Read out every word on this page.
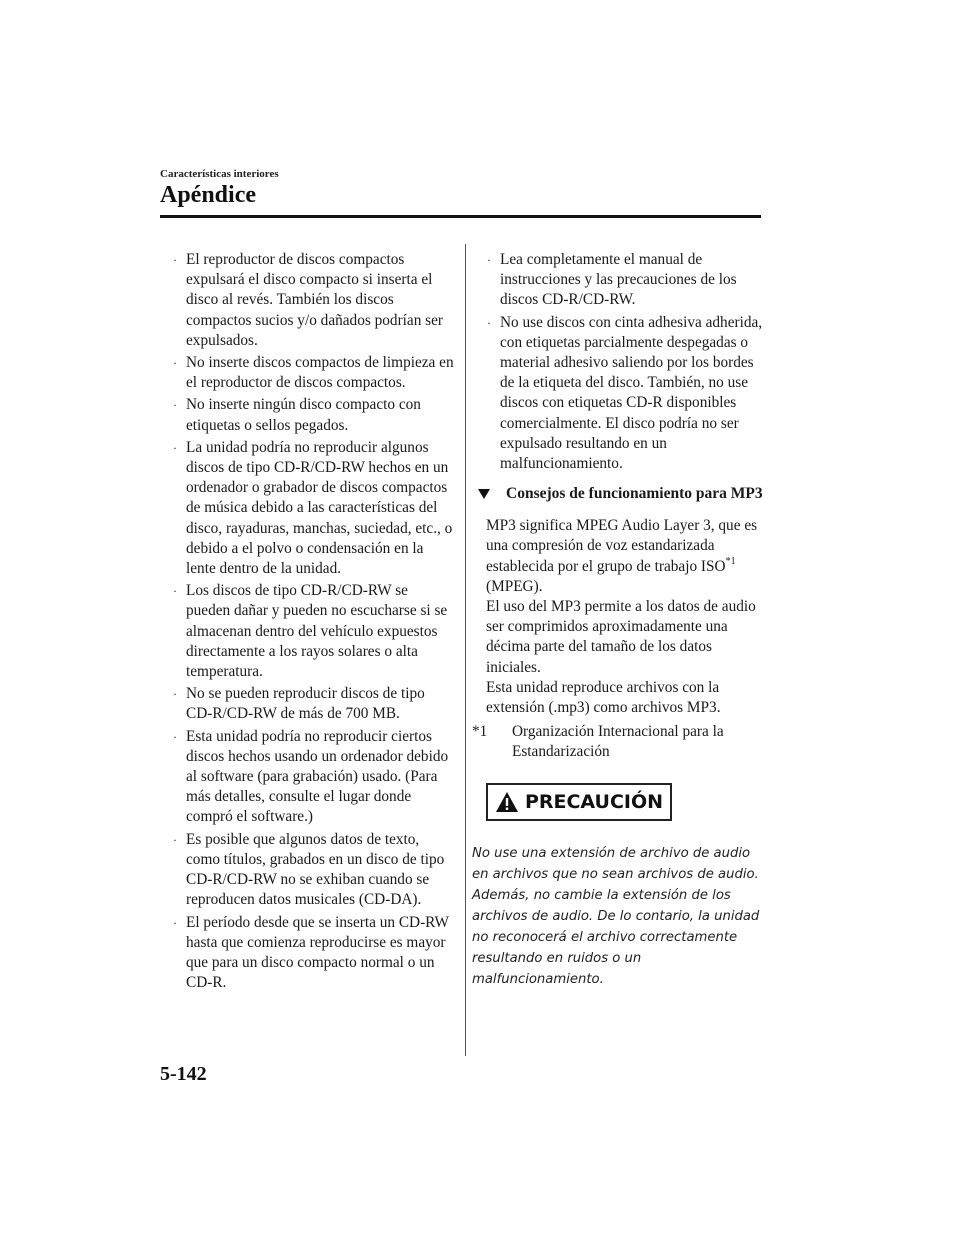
Características interiores
Apéndice
· El reproductor de discos compactos expulsará el disco compacto si inserta el disco al revés. También los discos compactos sucios y/o dañados podrían ser expulsados.
· No inserte discos compactos de limpieza en el reproductor de discos compactos.
· No inserte ningún disco compacto con etiquetas o sellos pegados.
· La unidad podría no reproducir algunos discos de tipo CD-R/CD-RW hechos en un ordenador o grabador de discos compactos de música debido a las características del disco, rayaduras, manchas, suciedad, etc., o debido a el polvo o condensación en la lente dentro de la unidad.
· Los discos de tipo CD-R/CD-RW se pueden dañar y pueden no escucharse si se almacenan dentro del vehículo expuestos directamente a los rayos solares o alta temperatura.
· No se pueden reproducir discos de tipo CD-R/CD-RW de más de 700 MB.
· Esta unidad podría no reproducir ciertos discos hechos usando un ordenador debido al software (para grabación) usado. (Para más detalles, consulte el lugar donde compró el software.)
· Es posible que algunos datos de texto, como títulos, grabados en un disco de tipo CD-R/CD-RW no se exhiban cuando se reproducen datos musicales (CD-DA).
· El período desde que se inserta un CD-RW hasta que comienza reproducirse es mayor que para un disco compacto normal o un CD-R.
· Lea completamente el manual de instrucciones y las precauciones de los discos CD-R/CD-RW.
· No use discos con cinta adhesiva adherida, con etiquetas parcialmente despegadas o material adhesivo saliendo por los bordes de la etiqueta del disco. También, no use discos con etiquetas CD-R disponibles comercialmente. El disco podría no ser expulsado resultando en un malfuncionamiento.
Consejos de funcionamiento para MP3

MP3 significa MPEG Audio Layer 3, que es una compresión de voz estandarizada establecida por el grupo de trabajo ISO$^{*1}$
(MPEG).

El uso del MP3 permite a los datos de audio ser comprimidos aproximadamente una décima parte del tamaño de los datos iniciales.

Esta unidad reproduce archivos con la extensión (.mp3) como archivos MP3.

*1 Organización Internacional para la Estandarización
PRECAUCIÓN
No use una extensión de archivo de audio en archivos que no sean archivos de audio. Además, no cambie la extensión de los archivos de audio. De lo contario, la unidad no reconocerá el archivo correctamente resultando en ruidos o un malfuncionamiento.
5-142
